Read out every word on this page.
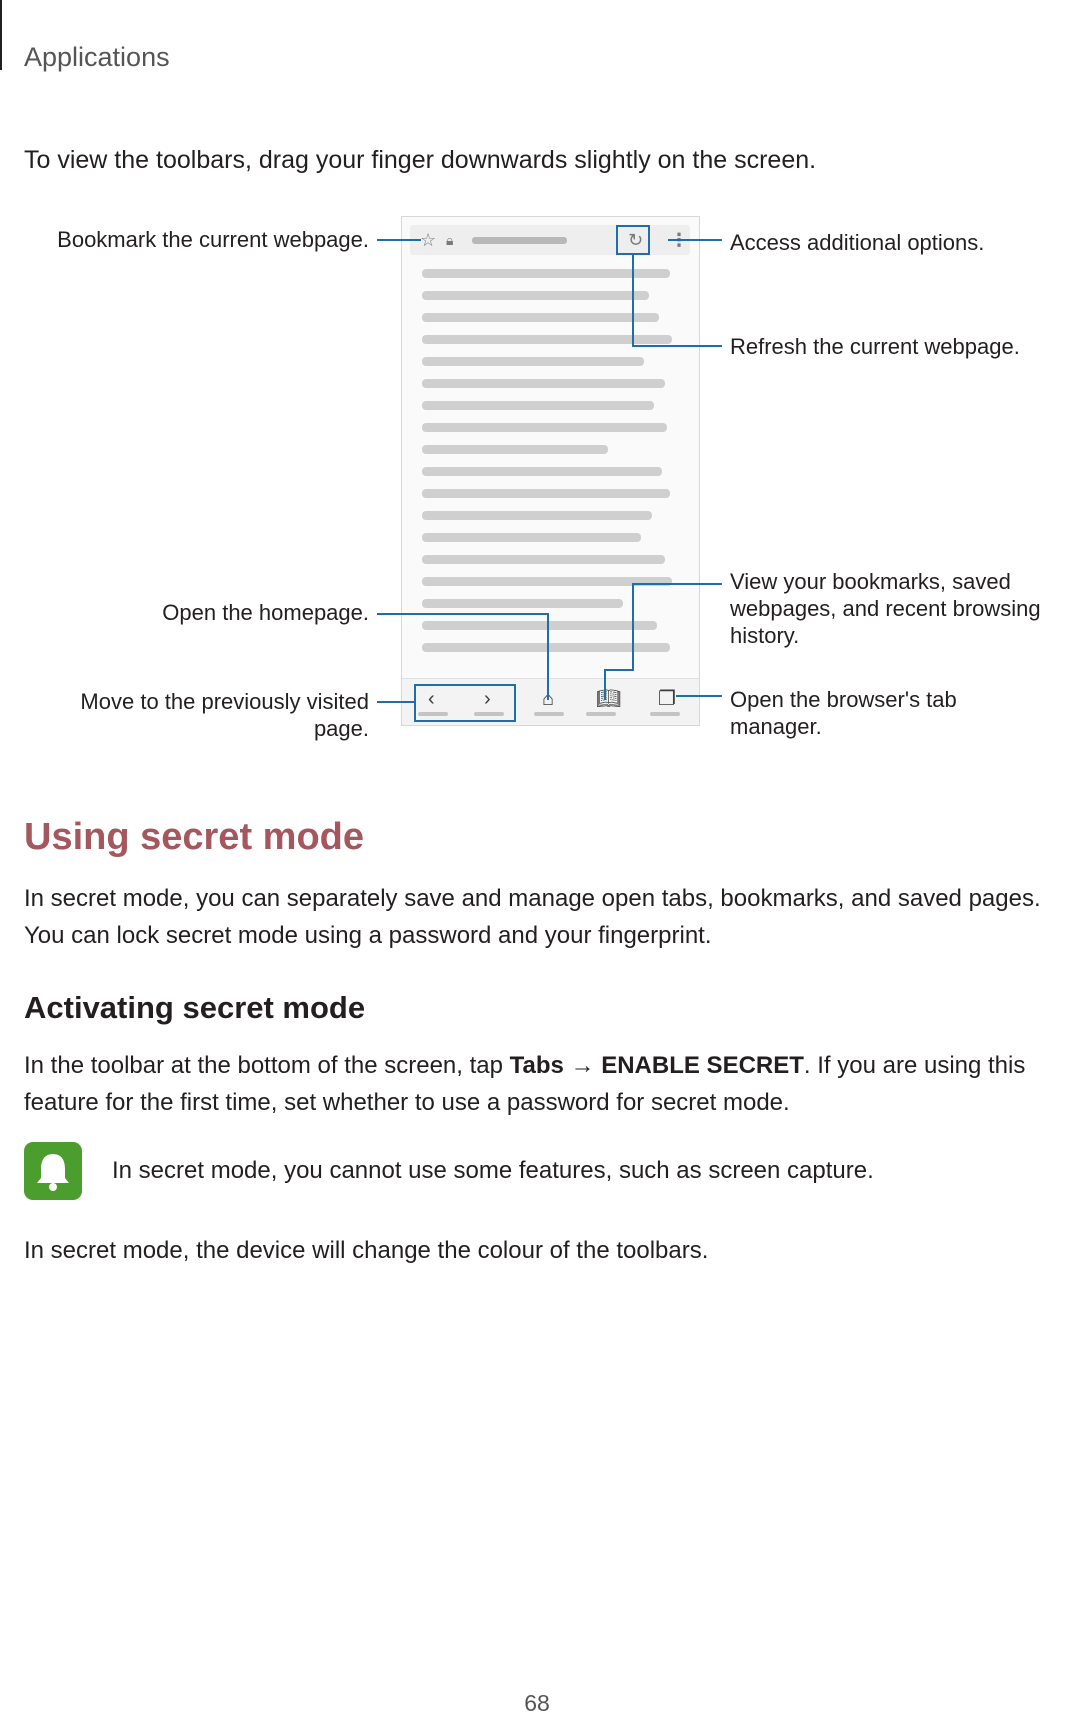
Applications
To view the toolbars, drag your finger downwards slightly on the screen.
☆ 🔒︎	↻ ⋮
‹ ›	⌂ 📖︎ ❐
Bookmark the current webpage.	Access additional options.
Refresh the current webpage.
Open the homepage.
Move to the previously visited
page.
View your bookmarks, saved
webpages, and recent browsing
history.
Open the browser's tab
manager.
Using secret mode
In secret mode, you can separately save and manage open tabs, bookmarks, and saved pages.
You can lock secret mode using a password and your fingerprint.
Activating secret mode
In the toolbar at the bottom of the screen, tap Tabs → ENABLE SECRET. If you are using this
feature for the first time, set whether to use a password for secret mode.
In secret mode, you cannot use some features, such as screen capture.
In secret mode, the device will change the colour of the toolbars.
68
